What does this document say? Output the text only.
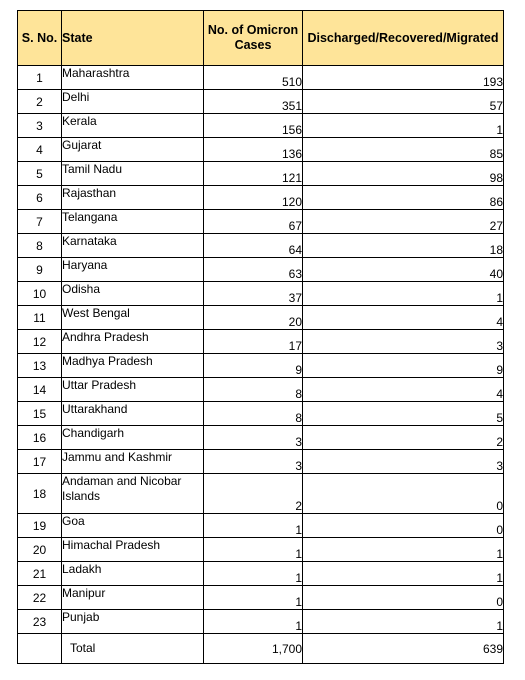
S. No.	State	No. of Omicron Cases	Discharged/Recovered/Migrated
1	Maharashtra	510	193
2	Delhi	351	57
3	Kerala	156	1
4	Gujarat	136	85
5	Tamil Nadu	121	98
6	Rajasthan	120	86
7	Telangana	67	27
8	Karnataka	64	18
9	Haryana	63	40
10	Odisha	37	1
11	West Bengal	20	4
12	Andhra Pradesh	17	3
13	Madhya Pradesh	9	9
14	Uttar Pradesh	8	4
15	Uttarakhand	8	5
16	Chandigarh	3	2
17	Jammu and Kashmir	3	3
18	Andaman and Nicobar Islands	2	0
19	Goa	1	0
20	Himachal Pradesh	1	1
21	Ladakh	1	1
22	Manipur	1	0
23	Punjab	1	1
	Total	1,700	639
